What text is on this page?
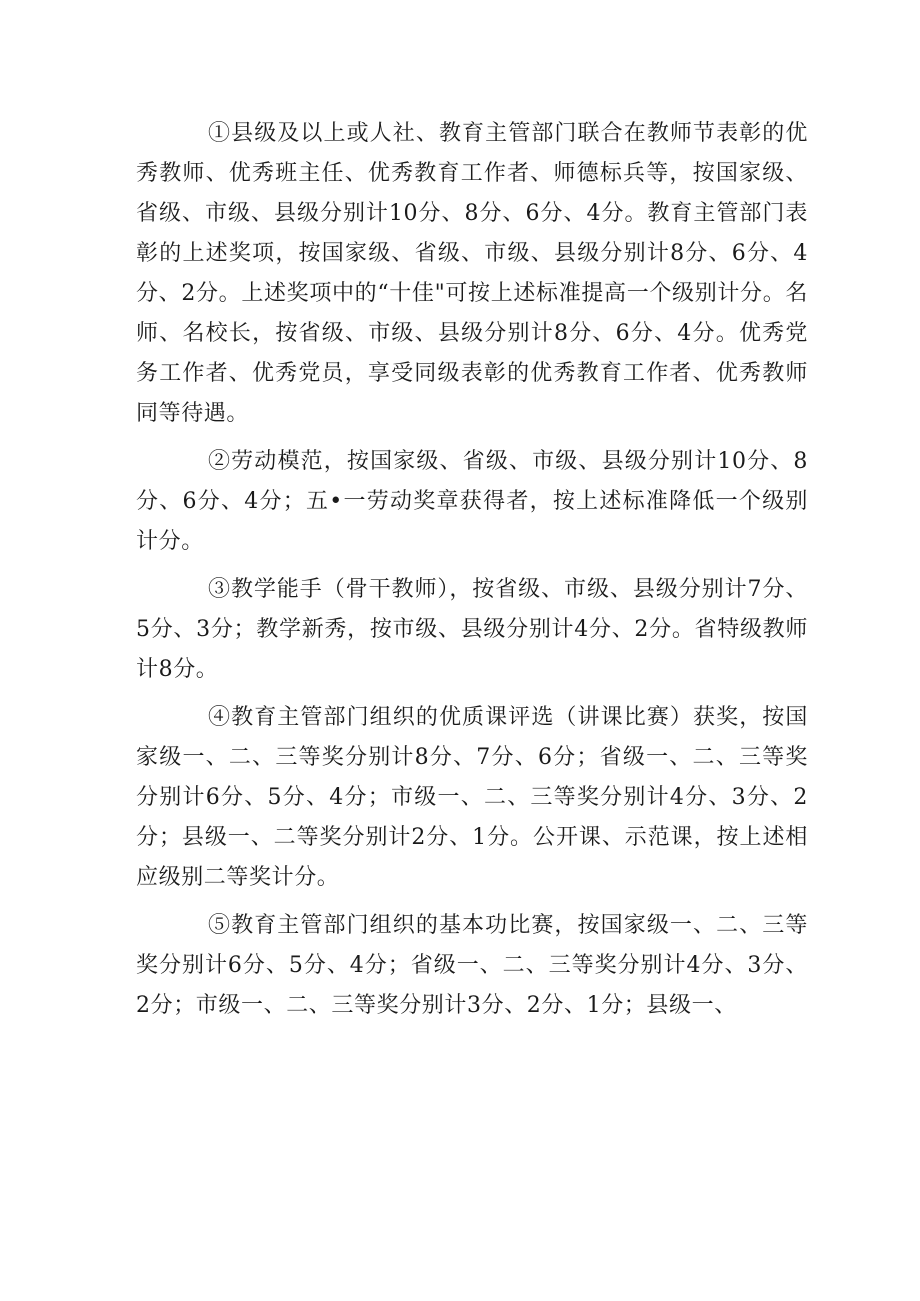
①县级及以上或人社、教育主管部门联合在教师节表彰的优秀教师、优秀班主任、优秀教育工作者、师德标兵等，按国家级、省级、市级、县级分别计10分、8分、6分、4分。教育主管部门表彰的上述奖项，按国家级、省级、市级、县级分别计8分、6分、4分、2分。上述奖项中的“十佳"可按上述标准提高一个级别计分。名师、名校长，按省级、市级、县级分别计8分、6分、4分。优秀党务工作者、优秀党员，享受同级表彰的优秀教育工作者、优秀教师同等待遇。

②劳动模范，按国家级、省级、市级、县级分别计10分、8分、6分、4分；五•一劳动奖章获得者，按上述标准降低一个级别计分。

③教学能手（骨干教师），按省级、市级、县级分别计7分、5分、3分；教学新秀，按市级、县级分别计4分、2分。省特级教师计8分。

④教育主管部门组织的优质课评选（讲课比赛）获奖，按国家级一、二、三等奖分别计8分、7分、6分；省级一、二、三等奖分别计6分、5分、4分；市级一、二、三等奖分别计4分、3分、2分；县级一、二等奖分别计2分、1分。公开课、示范课，按上述相应级别二等奖计分。

⑤教育主管部门组织的基本功比赛，按国家级一、二、三等奖分别计6分、5分、4分；省级一、二、三等奖分别计4分、3分、2分；市级一、二、三等奖分别计3分、2分、1分；县级一、
